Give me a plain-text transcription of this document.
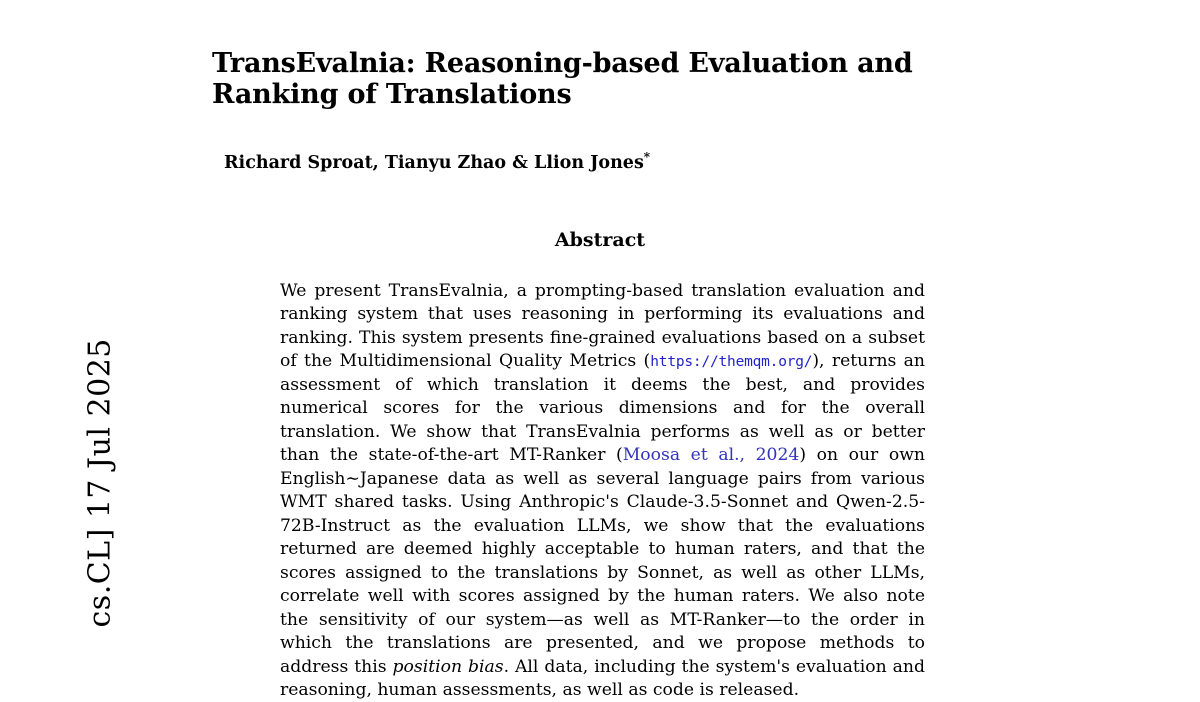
cs.CL] 17 Jul 2025
TransEvalnia: Reasoning-based Evaluation and Ranking of Translations
Richard Sproat, Tianyu Zhao & Llion Jones*
Abstract

We present TransEvalnia, a prompting-based translation evaluation and ranking system that uses reasoning in performing its evaluations and ranking. This system presents fine-grained evaluations based on a subset of the Multidimensional Quality Metrics (https://themqm.org/), returns an assessment of which translation it deems the best, and provides numerical scores for the various dimensions and for the overall translation. We show that TransEvalnia performs as well as or better than the state-of-the-art MT-Ranker (Moosa et al., 2024) on our own English∼Japanese data as well as several language pairs from various WMT shared tasks. Using Anthropic's Claude-3.5-Sonnet and Qwen-2.5-72B-Instruct as the evaluation LLMs, we show that the evaluations returned are deemed highly acceptable to human raters, and that the scores assigned to the translations by Sonnet, as well as other LLMs, correlate well with scores assigned by the human raters. We also note the sensitivity of our system—as well as MT-Ranker—to the order in which the translations are presented, and we propose methods to address this position bias. All data, including the system's evaluation and reasoning, human assessments, as well as code is released.
